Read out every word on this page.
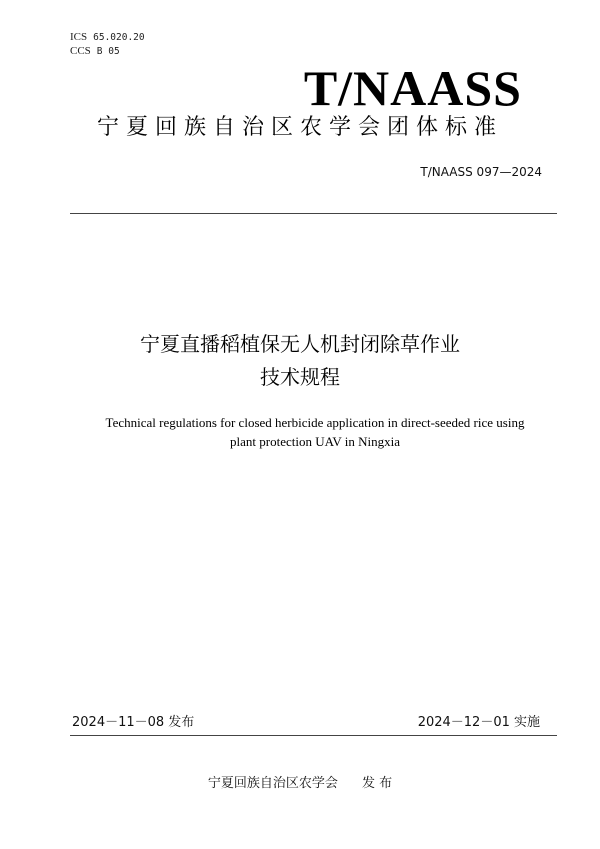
ICS 65.020.20
CCS B 05
T/NAASS
宁夏回族自治区农学会团体标准
T/NAASS 097—2024
宁夏直播稻植保无人机封闭除草作业
技术规程
Technical regulations for closed herbicide application in direct-seeded rice using
plant protection UAV in Ningxia
2024－11－08 发布	2024－12－01 实施
宁夏回族自治区农学会 发 布
